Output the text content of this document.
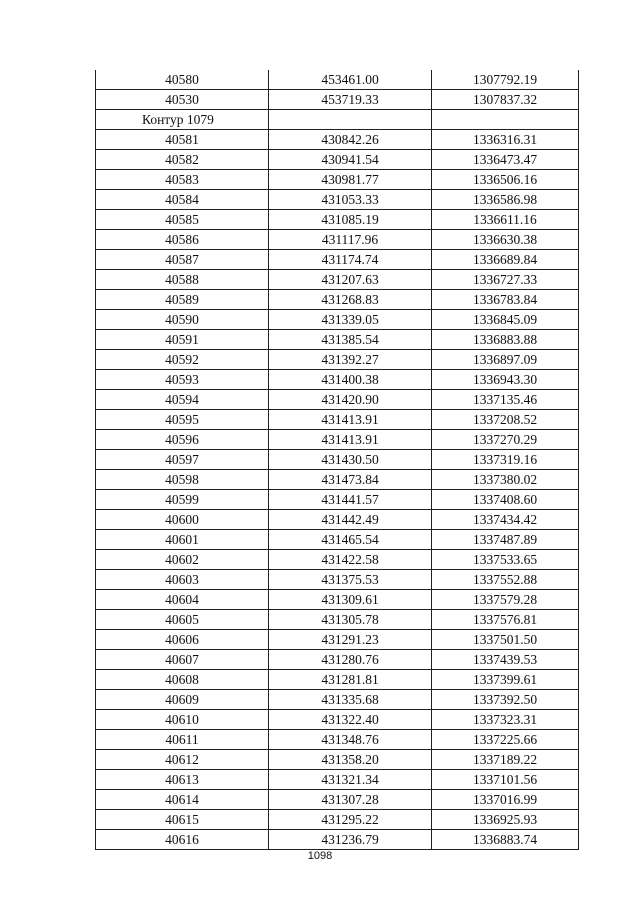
40580	453461.00	1307792.19
40530	453719.33	1307837.32
Контур 1079		
40581	430842.26	1336316.31
40582	430941.54	1336473.47
40583	430981.77	1336506.16
40584	431053.33	1336586.98
40585	431085.19	1336611.16
40586	431117.96	1336630.38
40587	431174.74	1336689.84
40588	431207.63	1336727.33
40589	431268.83	1336783.84
40590	431339.05	1336845.09
40591	431385.54	1336883.88
40592	431392.27	1336897.09
40593	431400.38	1336943.30
40594	431420.90	1337135.46
40595	431413.91	1337208.52
40596	431413.91	1337270.29
40597	431430.50	1337319.16
40598	431473.84	1337380.02
40599	431441.57	1337408.60
40600	431442.49	1337434.42
40601	431465.54	1337487.89
40602	431422.58	1337533.65
40603	431375.53	1337552.88
40604	431309.61	1337579.28
40605	431305.78	1337576.81
40606	431291.23	1337501.50
40607	431280.76	1337439.53
40608	431281.81	1337399.61
40609	431335.68	1337392.50
40610	431322.40	1337323.31
40611	431348.76	1337225.66
40612	431358.20	1337189.22
40613	431321.34	1337101.56
40614	431307.28	1337016.99
40615	431295.22	1336925.93
40616	431236.79	1336883.74
1098
